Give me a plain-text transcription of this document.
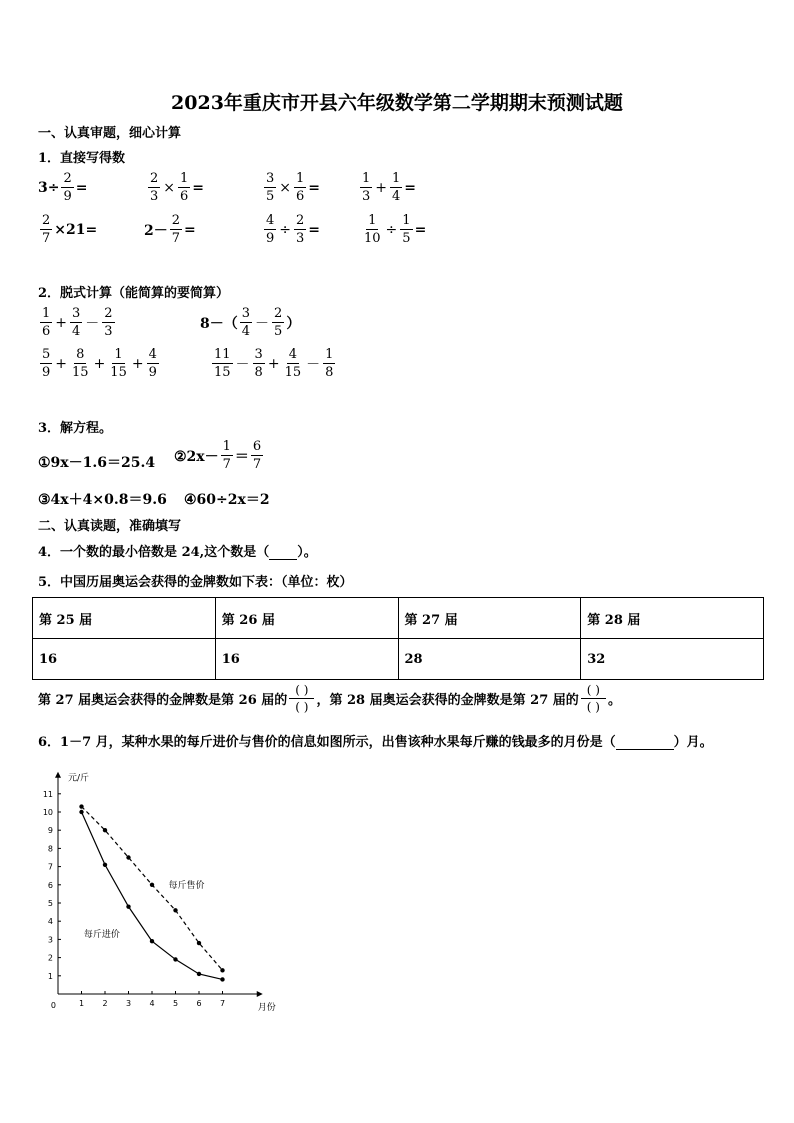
2023年重庆市开县六年级数学第二学期期末预测试题
一、认真审题，细心计算
1．直接写得数
$3\div \frac{2}{9}$ =	$\frac{2}{3} \times \frac{1}{6}$ =	$\frac{3}{5} \times \frac{1}{6}$ =	$\frac{1}{3} + \frac{1}{4}$ =
$\frac{2}{7} \times 21=$	$2- \frac{2}{7}$ =	$\frac{4}{9} \div \frac{2}{3}$ =	$\frac{1}{10} \div \frac{1}{5}$ =
2．脱式计算（能简算的要简算）
$\frac{1}{6} + \frac{3}{4} - \frac{2}{3}$	$8-( \frac{3}{4} - \frac{2}{5}$ ）
$\frac{5}{9} + \frac{8}{15} + \frac{1}{15} + \frac{4}{9}$	$\frac{11}{15} - \frac{3}{8} + \frac{4}{15} - \frac{1}{8}$
3．解方程。
①9x－1.6＝25.4 ②2x－ $\frac{1}{7} = \frac{6}{7}$
③4x＋4×0.8＝9.6 ④60÷2x＝2
二、认真读题，准确填写
4．一个数的最小倍数是 24,这个数是（ ）。
5．中国历届奥运会获得的金牌数如下表：（单位：枚）
第 25 届	第 26 届	第 27 届	第 28 届
16	16	28	32
第 27 届奥运会获得的金牌数是第 26 届的
( )
( ) ，第 28 届奥运会获得的金牌数是第 27 届的
( )
( ) 。
6．1－7 月，某种水果的每斤进价与售价的信息如图所示，出售该种水果每斤赚的钱最多的月份是（	）月。
1
2
3
4
5
6
7
8
9
10
11
1 2 3 4 5 6 7
0
元/斤
月份
每斤售价
每斤进价
